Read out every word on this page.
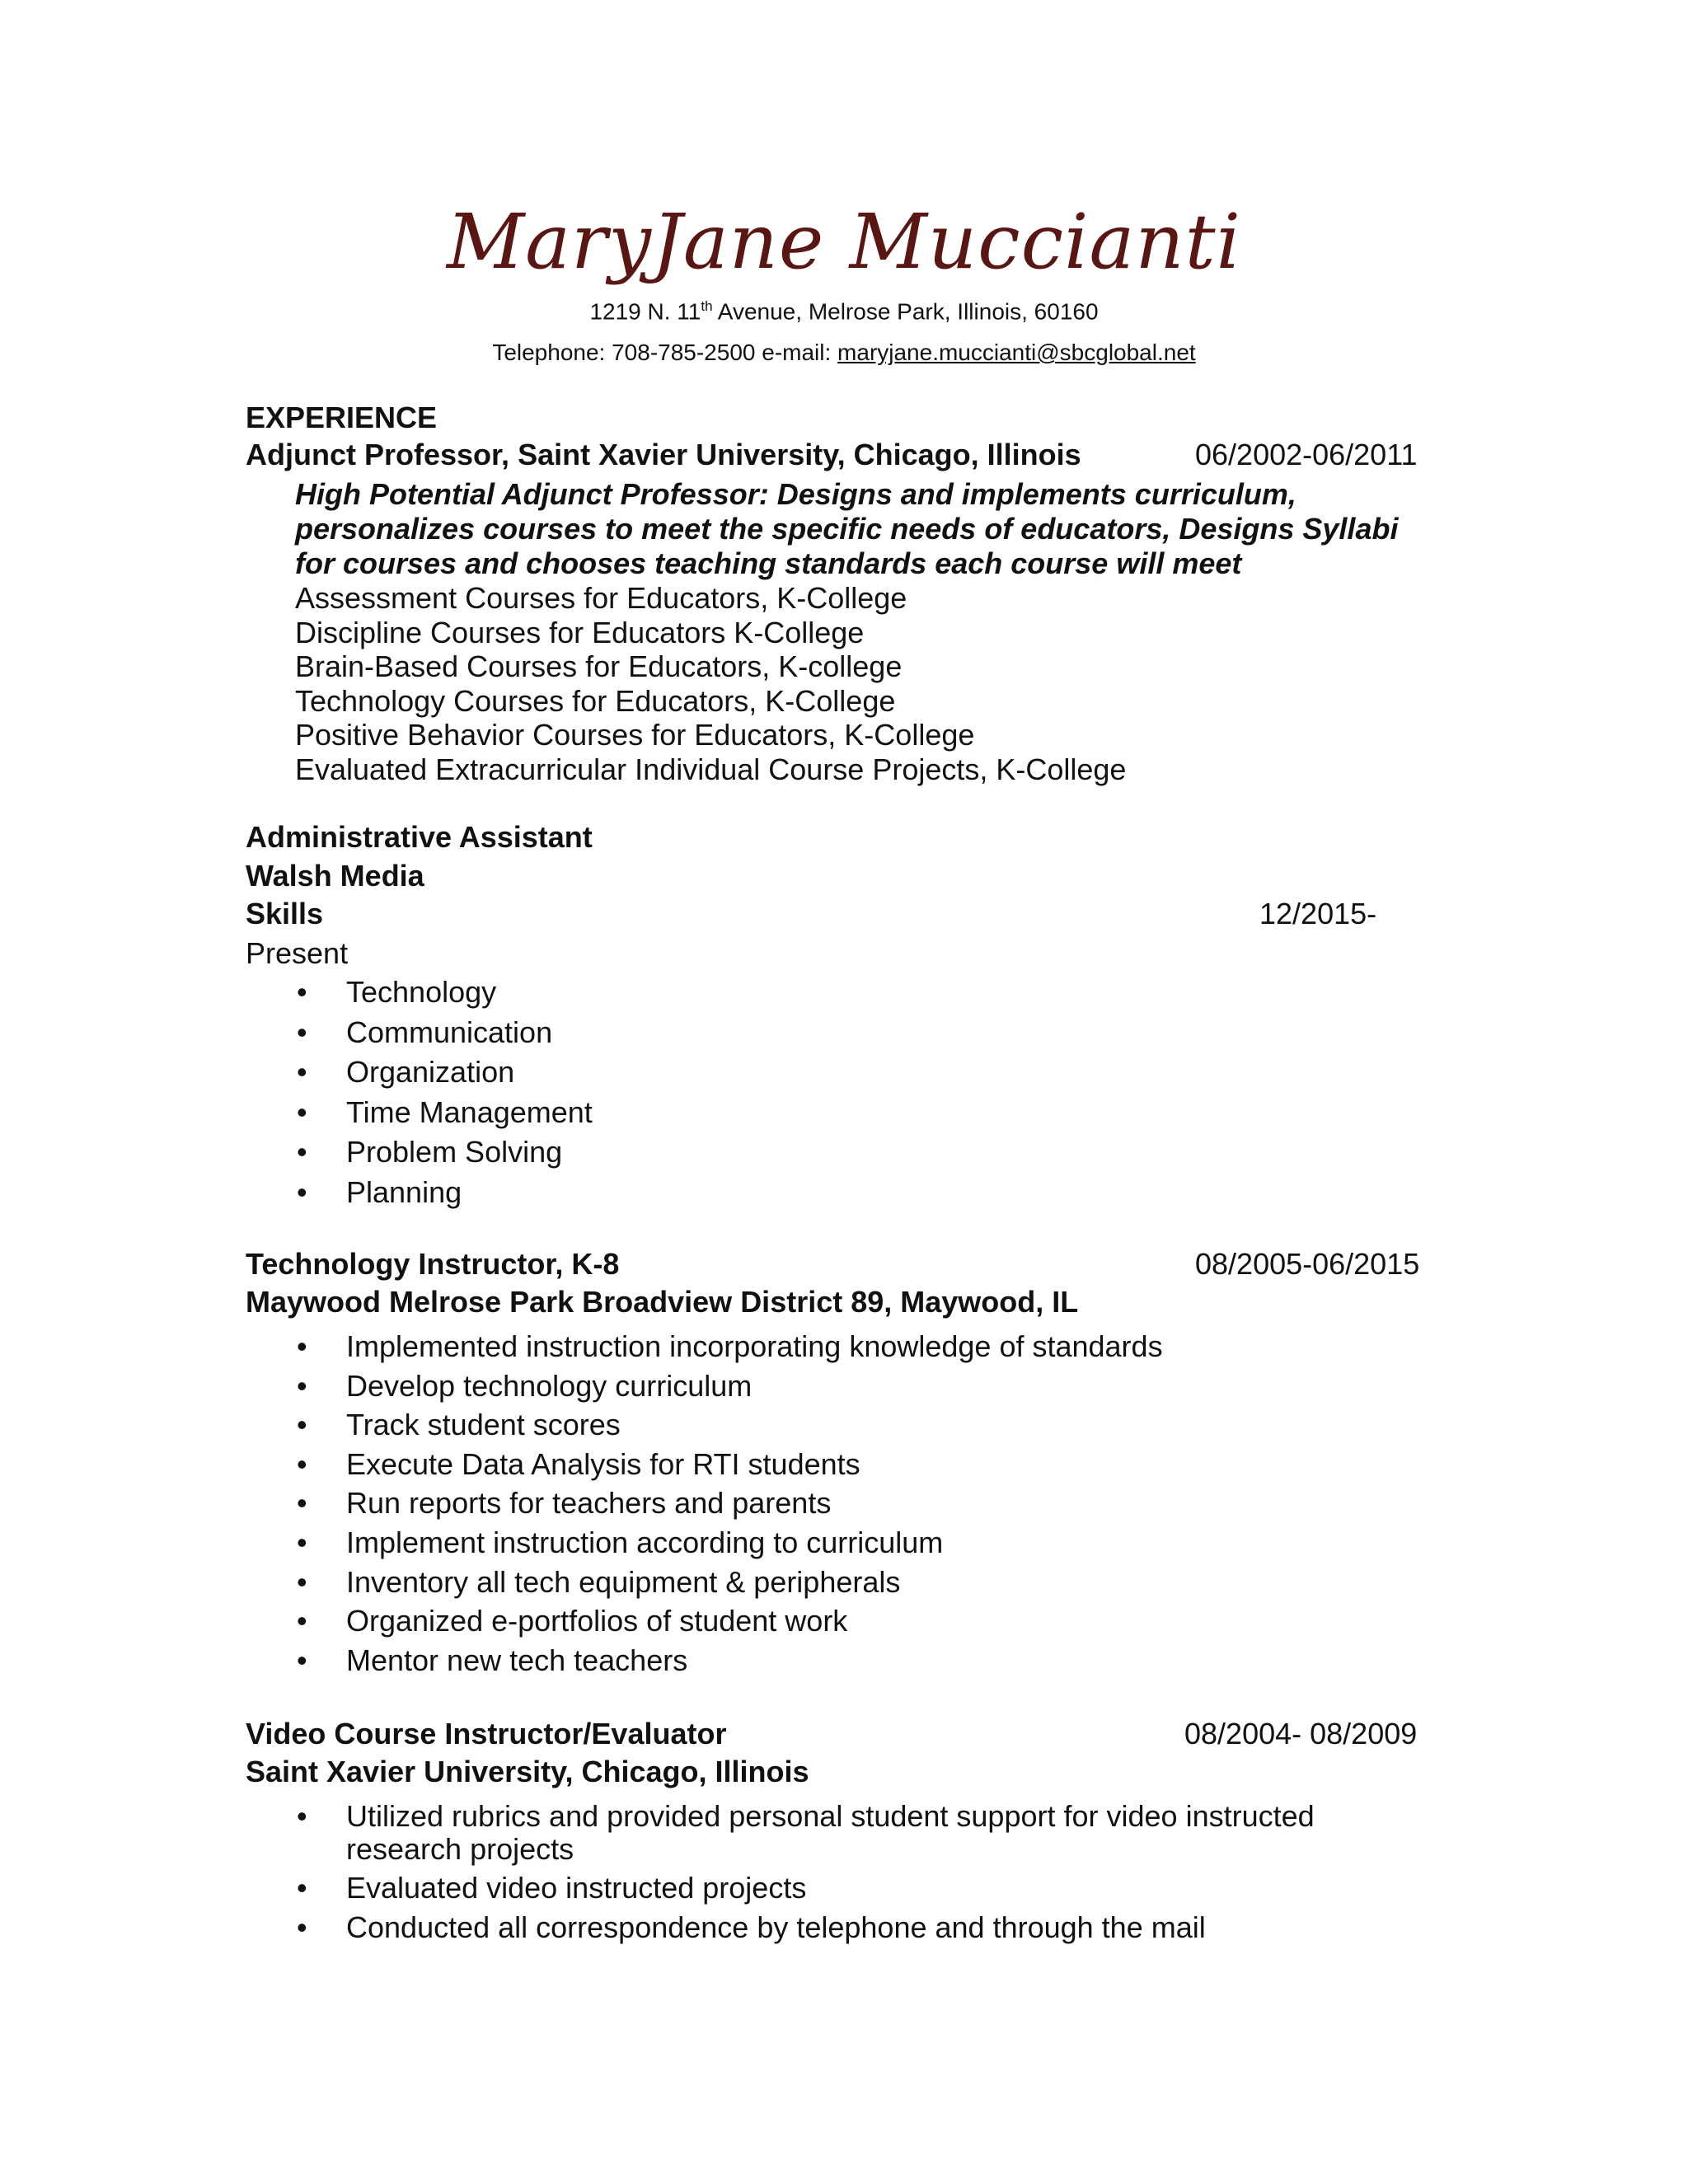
MaryJane Muccianti
1219 N. 11th Avenue, Melrose Park, Illinois, 60160
Telephone: 708-785-2500 e-mail: maryjane.muccianti@sbcglobal.net
EXPERIENCE
Adjunct Professor, Saint Xavier University, Chicago, Illinois	06/2002-06/2011
High Potential Adjunct Professor: Designs and implements curriculum,
personalizes courses to meet the specific needs of educators, Designs Syllabi
for courses and chooses teaching standards each course will meet
Assessment Courses for Educators, K-College
Discipline Courses for Educators K-College
Brain-Based Courses for Educators, K-college
Technology Courses for Educators, K-College
Positive Behavior Courses for Educators, K-College
Evaluated Extracurricular Individual Course Projects, K-College
Administrative Assistant
Walsh Media
Skills	12/2015-
Present
• Technology
• Communication
• Organization
• Time Management
• Problem Solving
• Planning
Technology Instructor, K-8	08/2005-06/2015
Maywood Melrose Park Broadview District 89, Maywood, IL
• Implemented instruction incorporating knowledge of standards
• Develop technology curriculum
• Track student scores
• Execute Data Analysis for RTI students
• Run reports for teachers and parents
• Implement instruction according to curriculum
• Inventory all tech equipment & peripherals
• Organized e-portfolios of student work
• Mentor new tech teachers
Video Course Instructor/Evaluator	08/2004- 08/2009
Saint Xavier University, Chicago, Illinois
• Utilized rubrics and provided personal student support for video instructed
research projects
• Evaluated video instructed projects
• Conducted all correspondence by telephone and through the mail
